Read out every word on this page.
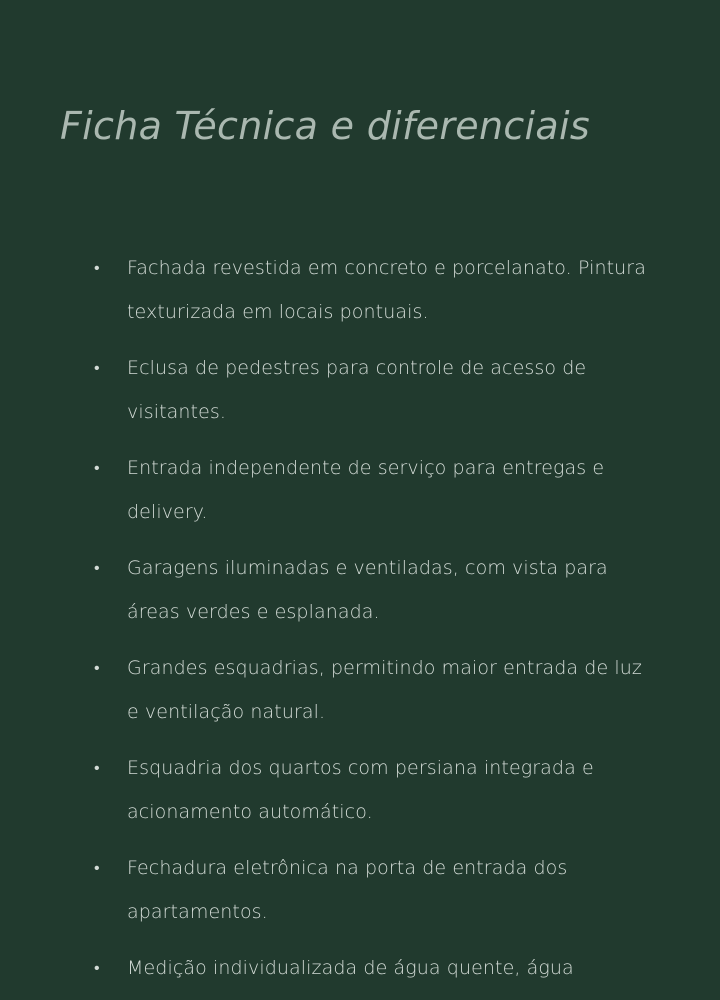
Ficha Técnica e diferenciais
• Fachada revestida em concreto e porcelanato. Pintura texturizada em locais pontuais.
• Eclusa de pedestres para controle de acesso de visitantes.
• Entrada independente de serviço para entregas e delivery.
• Garagens iluminadas e ventiladas, com vista para áreas verdes e esplanada.
• Grandes esquadrias, permitindo maior entrada de luz e ventilação natural.
• Esquadria dos quartos com persiana integrada e acionamento automático.
• Fechadura eletrônica na porta de entrada dos apartamentos.
• Medição individualizada de água quente, água
